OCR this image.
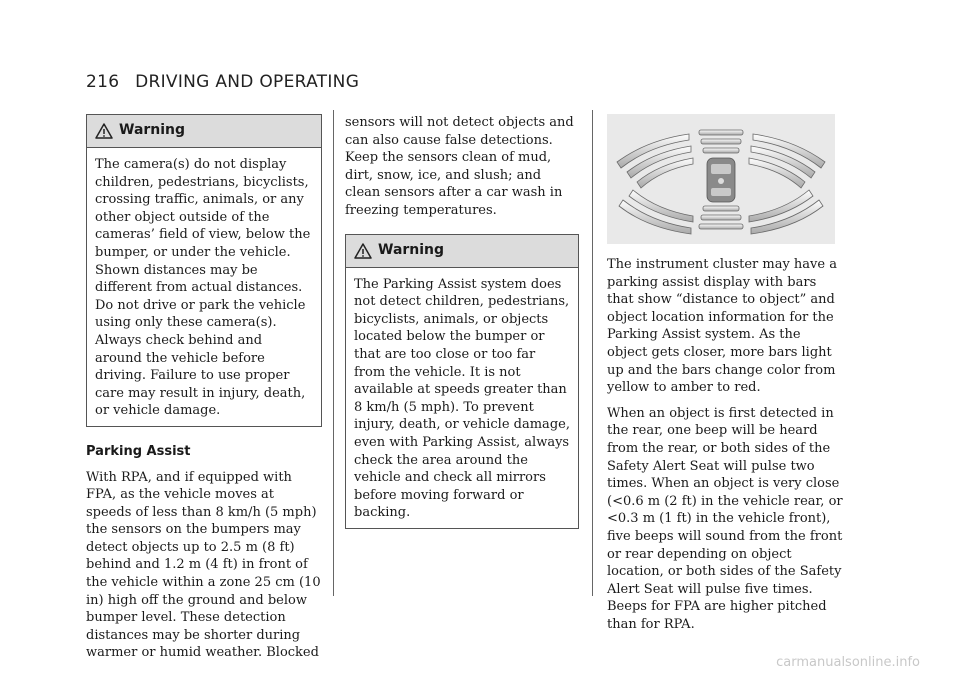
216 DRIVING AND OPERATING
Warning

The camera(s) do not display children, pedestrians, bicyclists, crossing traffic, animals, or any other object outside of the cameras’ field of view, below the bumper, or under the vehicle. Shown distances may be different from actual distances. Do not drive or park the vehicle using only these camera(s). Always check behind and around the vehicle before driving. Failure to use proper care may result in injury, death, or vehicle damage.

Parking Assist

With RPA, and if equipped with FPA, as the vehicle moves at speeds of less than 8 km/h (5 mph) the sensors on the bumpers may detect objects up to 2.5 m (8 ft) behind and 1.2 m (4 ft) in front of the vehicle within a zone 25 cm (10 in) high off the ground and below bumper level. These detection distances may be shorter during warmer or humid weather. Blocked

sensors will not detect objects and can also cause false detections. Keep the sensors clean of mud, dirt, snow, ice, and slush; and clean sensors after a car wash in freezing temperatures.

Warning

The Parking Assist system does not detect children, pedestrians, bicyclists, animals, or objects located below the bumper or that are too close or too far from the vehicle. It is not available at speeds greater than 8 km/h (5 mph). To prevent injury, death, or vehicle damage, even with Parking Assist, always check the area around the vehicle and check all mirrors before moving forward or backing.

The instrument cluster may have a parking assist display with bars that show “distance to object” and object location information for the Parking Assist system. As the object gets closer, more bars light up and the bars change color from yellow to amber to red.

When an object is first detected in the rear, one beep will be heard from the rear, or both sides of the Safety Alert Seat will pulse two times. When an object is very close (<0.6 m (2 ft) in the vehicle rear, or <0.3 m (1 ft) in the vehicle front), five beeps will sound from the front or rear depending on object location, or both sides of the Safety Alert Seat will pulse five times. Beeps for FPA are higher pitched than for RPA.

carmanualsonline.info
